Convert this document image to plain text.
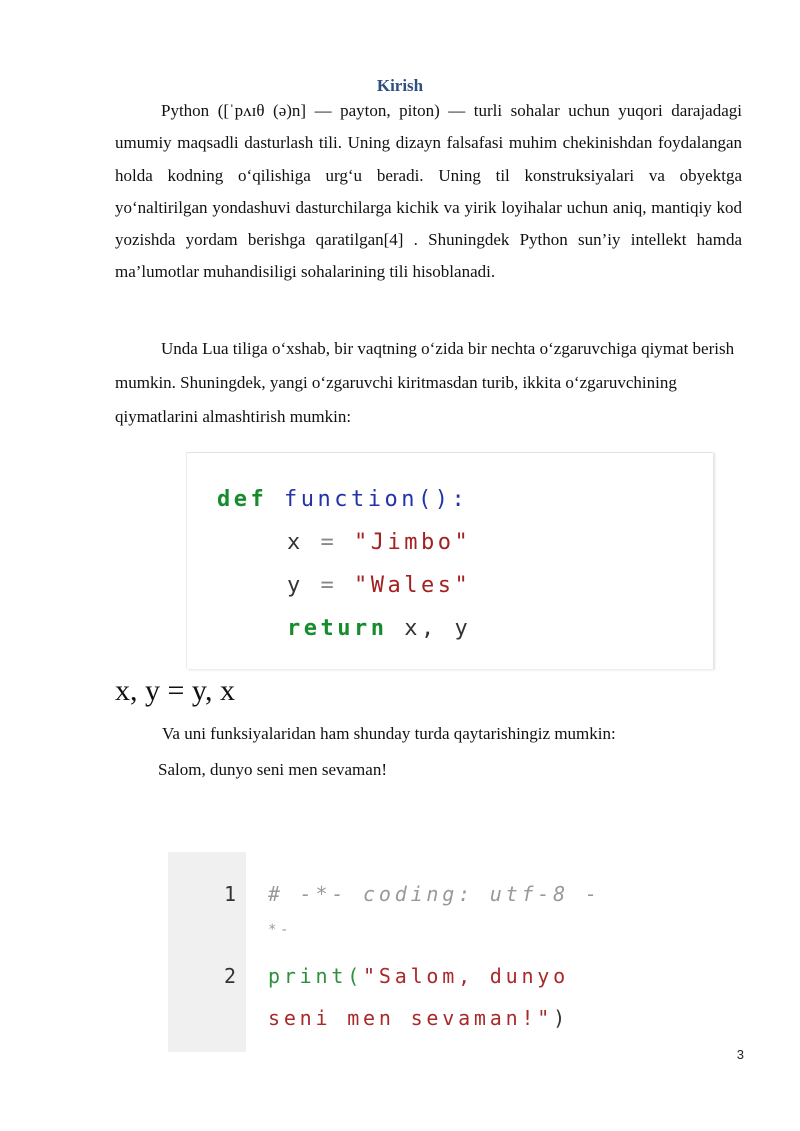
Kirish

Python ([ˈpʌɪθ (ə)n] — payton, piton) — turli sohalar uchun yuqori darajadagi umumiy maqsadli dasturlash tili. Uning dizayn falsafasi muhim chekinishdan foydalangan holda kodning oʻqilishiga urgʻu beradi. Uning til konstruksiyalari va obyektga yoʻnaltirilgan yondashuvi dasturchilarga kichik va yirik loyihalar uchun aniq, mantiqiy kod yozishda yordam berishga qaratilgan[4] . Shuningdek Python sun’iy intellekt hamda ma’lumotlar muhandisiligi sohalarining tili hisoblanadi.

Unda Lua tiliga oʻxshab, bir vaqtning oʻzida bir nechta oʻzgaruvchiga qiymat berish mumkin. Shuningdek, yangi oʻzgaruvchi kiritmasdan turib, ikkita oʻzgaruvchining qiymatlarini almashtirish mumkin:

def function():
x = "Jimbo"
y = "Wales"
return x, y
x, y = y, x
Va uni funksiyalaridan ham shunday turda qaytarishingiz mumkin:
Salom, dunyo seni men sevaman!
1
2
# -*- coding: utf-8 -
*-
print("Salom, dunyo
seni men sevaman!")
3
